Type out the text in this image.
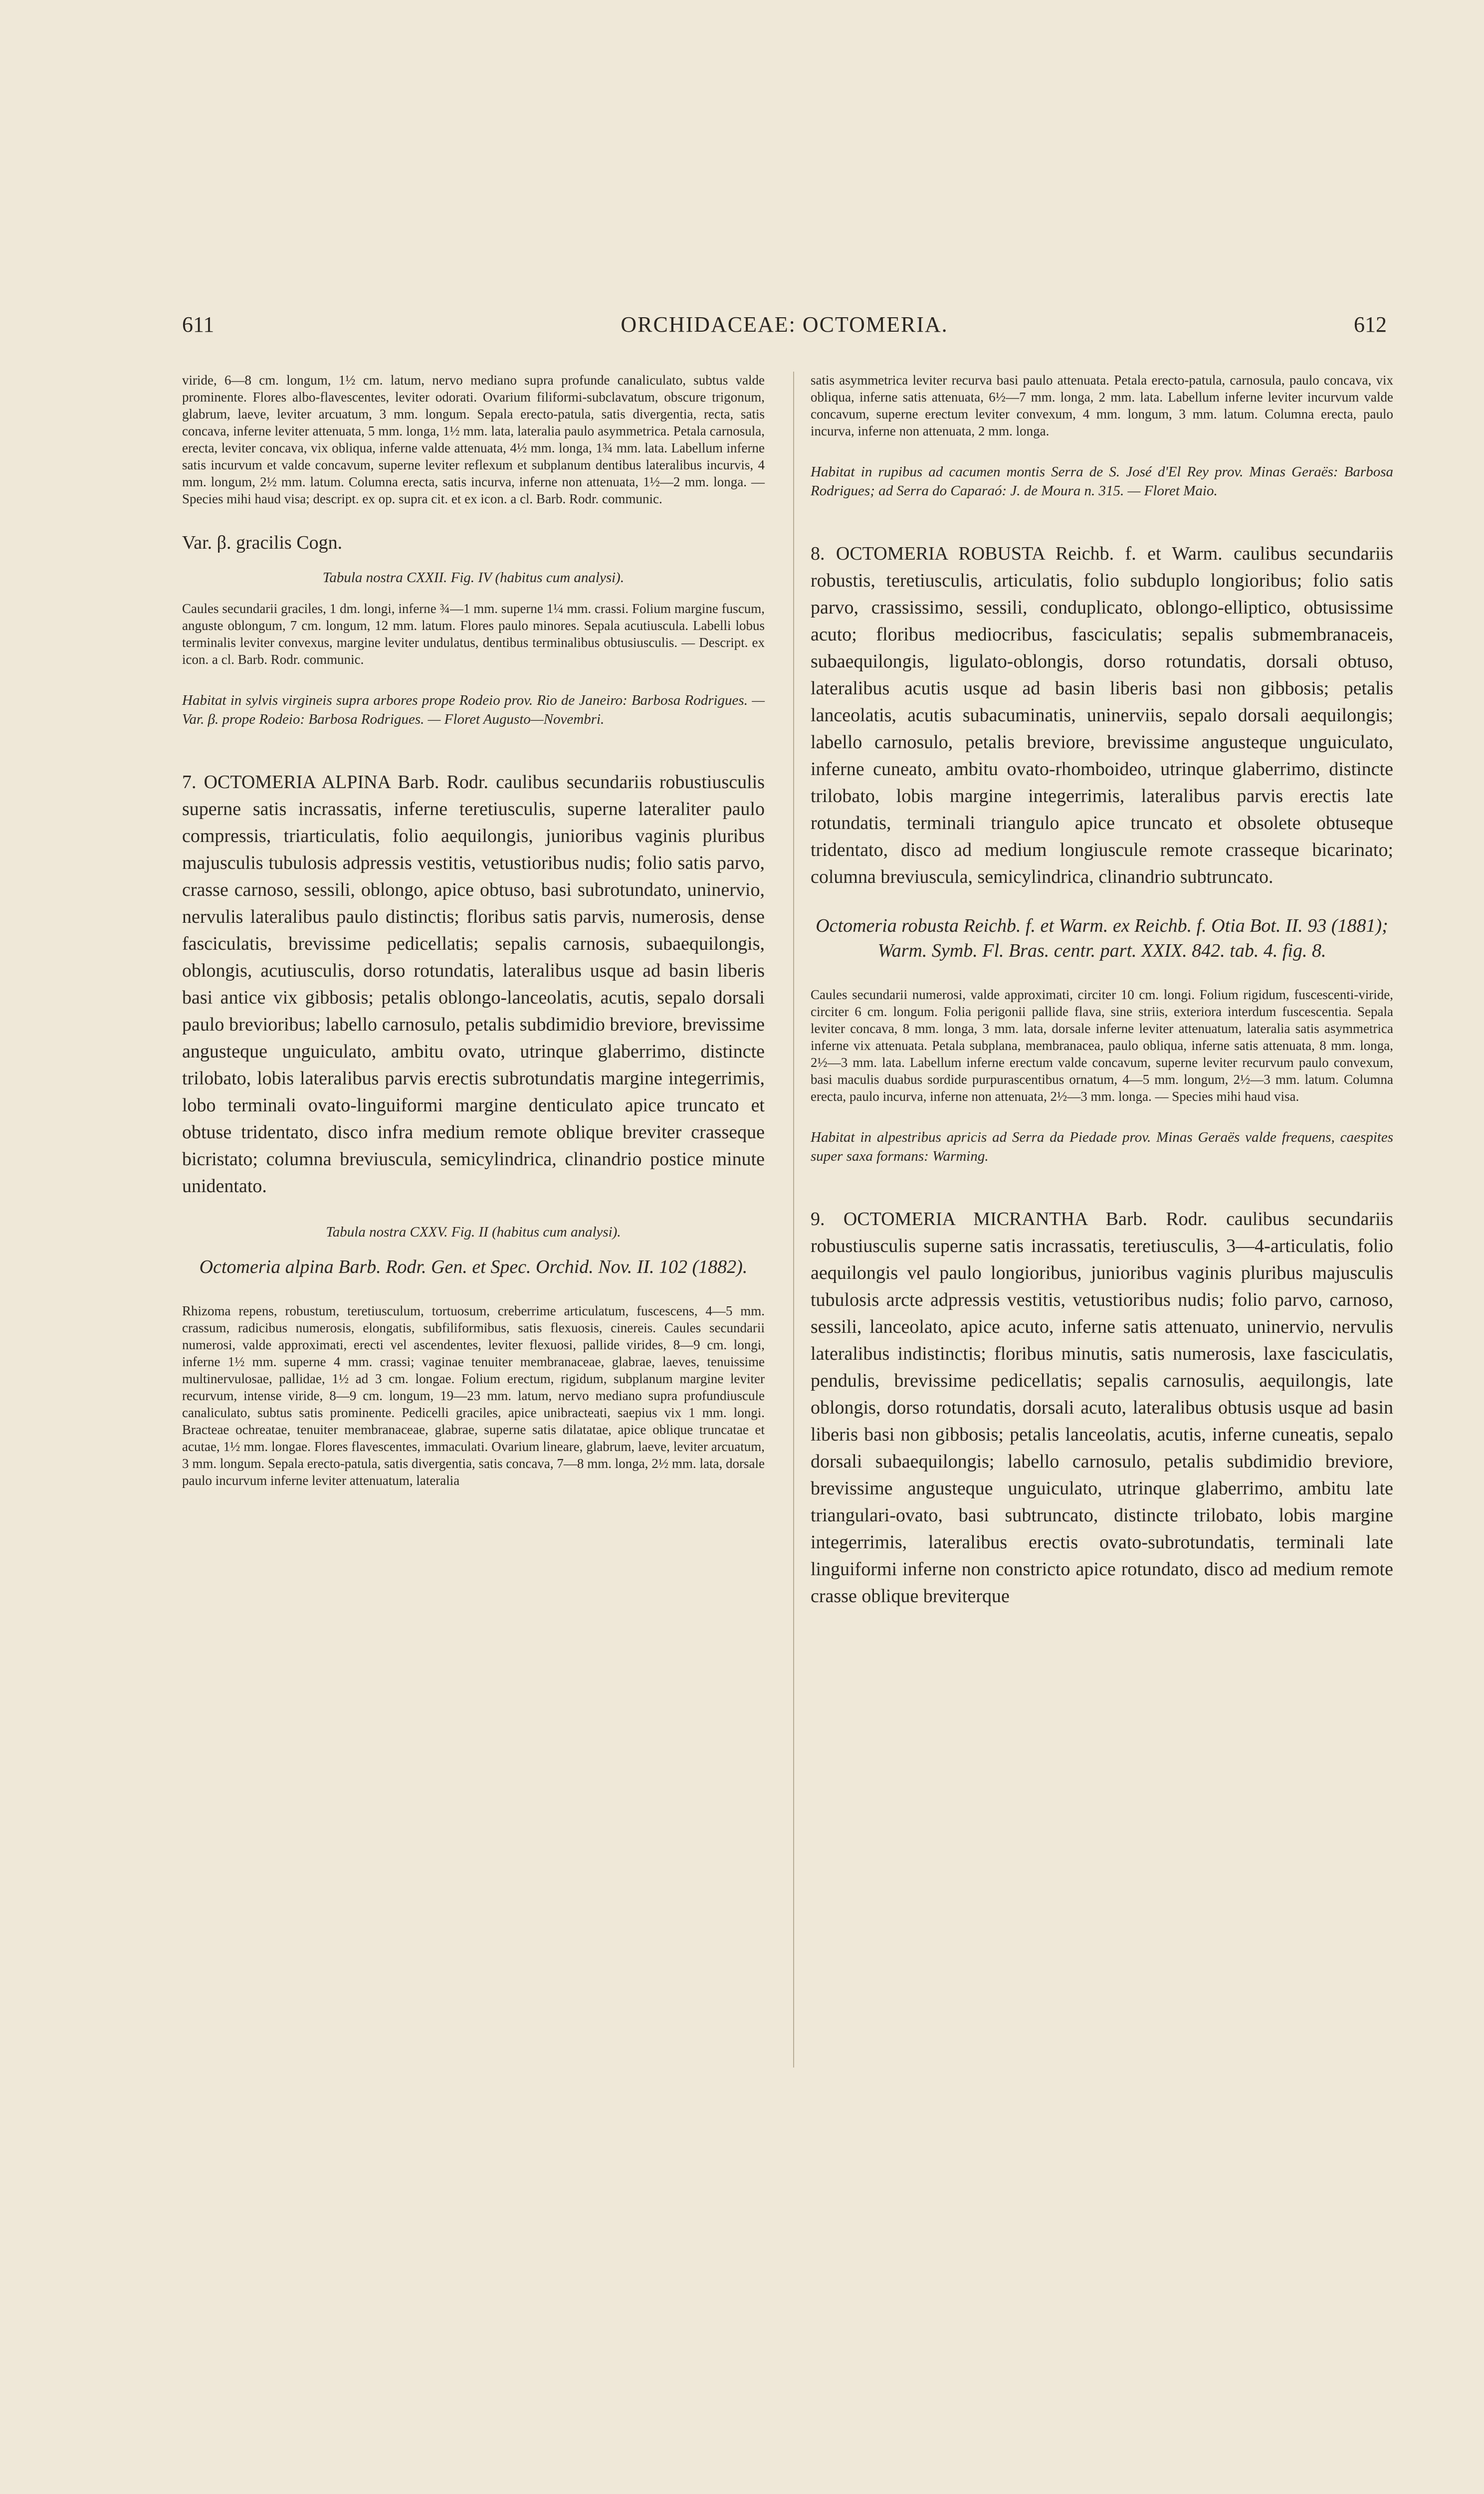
611	ORCHIDACEAE: OCTOMERIA.	612

viride, 6—8 cm. longum, 1½ cm. latum, nervo mediano supra profunde canaliculato, subtus valde prominente. Flores albo-flavescentes, leviter odorati. Ovarium filiformi-subclavatum, obscure trigonum, glabrum, laeve, leviter arcuatum, 3 mm. longum. Sepala erecto-patula, satis divergentia, recta, satis concava, inferne leviter attenuata, 5 mm. longa, 1½ mm. lata, lateralia paulo asymmetrica. Petala carnosula, erecta, leviter concava, vix obliqua, inferne valde attenuata, 4½ mm. longa, 1¾ mm. lata. Labellum inferne satis incurvum et valde concavum, superne leviter reflexum et subplanum dentibus lateralibus incurvis, 4 mm. longum, 2½ mm. latum. Columna erecta, satis incurva, inferne non attenuata, 1½—2 mm. longa. — Species mihi haud visa; descript. ex op. supra cit. et ex icon. a cl. Barb. Rodr. communic.

Var. β. gracilis Cogn.

Tabula nostra CXXII. Fig. IV (habitus cum analysi).

Caules secundarii graciles, 1 dm. longi, inferne ¾—1 mm. superne 1¼ mm. crassi. Folium margine fuscum, anguste oblongum, 7 cm. longum, 12 mm. latum. Flores paulo minores. Sepala acutiuscula. Labelli lobus terminalis leviter convexus, margine leviter undulatus, dentibus terminalibus obtusiusculis. — Descript. ex icon. a cl. Barb. Rodr. communic.

Habitat in sylvis virgineis supra arbores prope Rodeio prov. Rio de Janeiro: Barbosa Rodrigues. — Var. β. prope Rodeio: Barbosa Rodrigues. — Floret Augusto—Novembri.

7. OCTOMERIA ALPINA Barb. Rodr. caulibus secundariis robustiusculis superne satis incrassatis, inferne teretiusculis, superne lateraliter paulo compressis, triarticulatis, folio aequilongis, junioribus vaginis pluribus majusculis tubulosis adpressis vestitis, vetustioribus nudis; folio satis parvo, crasse carnoso, sessili, oblongo, apice obtuso, basi subrotundato, uninervio, nervulis lateralibus paulo distinctis; floribus satis parvis, numerosis, dense fasciculatis, brevissime pedicellatis; sepalis carnosis, subaequilongis, oblongis, acutiusculis, dorso rotundatis, lateralibus usque ad basin liberis basi antice vix gibbosis; petalis oblongo-lanceolatis, acutis, sepalo dorsali paulo brevioribus; labello carnosulo, petalis subdimidio breviore, brevissime angusteque unguiculato, ambitu ovato, utrinque glaberrimo, distincte trilobato, lobis lateralibus parvis erectis subrotundatis margine integerrimis, lobo terminali ovato-linguiformi margine denticulato apice truncato et obtuse tridentato, disco infra medium remote oblique breviter crasseque bicristato; columna breviuscula, semicylindrica, clinandrio postice minute unidentato.

Tabula nostra CXXV. Fig. II (habitus cum analysi).

Octomeria alpina Barb. Rodr. Gen. et Spec. Orchid. Nov. II. 102 (1882).

Rhizoma repens, robustum, teretiusculum, tortuosum, creberrime articulatum, fuscescens, 4—5 mm. crassum, radicibus numerosis, elongatis, subfiliformibus, satis flexuosis, cinereis. Caules secundarii numerosi, valde approximati, erecti vel ascendentes, leviter flexuosi, pallide virides, 8—9 cm. longi, inferne 1½ mm. superne 4 mm. crassi; vaginae tenuiter membranaceae, glabrae, laeves, tenuissime multinervulosae, pallidae, 1½ ad 3 cm. longae. Folium erectum, rigidum, subplanum margine leviter recurvum, intense viride, 8—9 cm. longum, 19—23 mm. latum, nervo mediano supra profundiuscule canaliculato, subtus satis prominente. Pedicelli graciles, apice unibracteati, saepius vix 1 mm. longi. Bracteae ochreatae, tenuiter membranaceae, glabrae, superne satis dilatatae, apice oblique truncatae et acutae, 1½ mm. longae. Flores flavescentes, immaculati. Ovarium lineare, glabrum, laeve, leviter arcuatum, 3 mm. longum. Sepala erecto-patula, satis divergentia, satis concava, 7—8 mm. longa, 2½ mm. lata, dorsale paulo incurvum inferne leviter attenuatum, lateralia

satis asymmetrica leviter recurva basi paulo attenuata. Petala erecto-patula, carnosula, paulo concava, vix obliqua, inferne satis attenuata, 6½—7 mm. longa, 2 mm. lata. Labellum inferne leviter incurvum valde concavum, superne erectum leviter convexum, 4 mm. longum, 3 mm. latum. Columna erecta, paulo incurva, inferne non attenuata, 2 mm. longa.

Habitat in rupibus ad cacumen montis Serra de S. José d'El Rey prov. Minas Geraës: Barbosa Rodrigues; ad Serra do Caparaó: J. de Moura n. 315. — Floret Maio.

8. OCTOMERIA ROBUSTA Reichb. f. et Warm. caulibus secundariis robustis, teretiusculis, articulatis, folio subduplo longioribus; folio satis parvo, crassissimo, sessili, conduplicato, oblongo-elliptico, obtusissime acuto; floribus mediocribus, fasciculatis; sepalis submembranaceis, subaequilongis, ligulato-oblongis, dorso rotundatis, dorsali obtuso, lateralibus acutis usque ad basin liberis basi non gibbosis; petalis lanceolatis, acutis subacuminatis, uninerviis, sepalo dorsali aequilongis; labello carnosulo, petalis breviore, brevissime angusteque unguiculato, inferne cuneato, ambitu ovato-rhomboideo, utrinque glaberrimo, distincte trilobato, lobis margine integerrimis, lateralibus parvis erectis late rotundatis, terminali triangulo apice truncato et obsolete obtuseque tridentato, disco ad medium longiuscule remote crasseque bicarinato; columna breviuscula, semicylindrica, clinandrio subtruncato.

Octomeria robusta Reichb. f. et Warm. ex Reichb. f. Otia Bot. II. 93 (1881); Warm. Symb. Fl. Bras. centr. part. XXIX. 842. tab. 4. fig. 8.

Caules secundarii numerosi, valde approximati, circiter 10 cm. longi. Folium rigidum, fuscescenti-viride, circiter 6 cm. longum. Folia perigonii pallide flava, sine striis, exteriora interdum fuscescentia. Sepala leviter concava, 8 mm. longa, 3 mm. lata, dorsale inferne leviter attenuatum, lateralia satis asymmetrica inferne vix attenuata. Petala subplana, membranacea, paulo obliqua, inferne satis attenuata, 8 mm. longa, 2½—3 mm. lata. Labellum inferne erectum valde concavum, superne leviter recurvum paulo convexum, basi maculis duabus sordide purpurascentibus ornatum, 4—5 mm. longum, 2½—3 mm. latum. Columna erecta, paulo incurva, inferne non attenuata, 2½—3 mm. longa. — Species mihi haud visa.

Habitat in alpestribus apricis ad Serra da Piedade prov. Minas Geraës valde frequens, caespites super saxa formans: Warming.

9. OCTOMERIA MICRANTHA Barb. Rodr. caulibus secundariis robustiusculis superne satis incrassatis, teretiusculis, 3—4-articulatis, folio aequilongis vel paulo longioribus, junioribus vaginis pluribus majusculis tubulosis arcte adpressis vestitis, vetustioribus nudis; folio parvo, carnoso, sessili, lanceolato, apice acuto, inferne satis attenuato, uninervio, nervulis lateralibus indistinctis; floribus minutis, satis numerosis, laxe fasciculatis, pendulis, brevissime pedicellatis; sepalis carnosulis, aequilongis, late oblongis, dorso rotundatis, dorsali acuto, lateralibus obtusis usque ad basin liberis basi non gibbosis; petalis lanceolatis, acutis, inferne cuneatis, sepalo dorsali subaequilongis; labello carnosulo, petalis subdimidio breviore, brevissime angusteque unguiculato, utrinque glaberrimo, ambitu late triangulari-ovato, basi subtruncato, distincte trilobato, lobis margine integerrimis, lateralibus erectis ovato-subrotundatis, terminali late linguiformi inferne non constricto apice rotundato, disco ad medium remote crasse oblique breviterque
